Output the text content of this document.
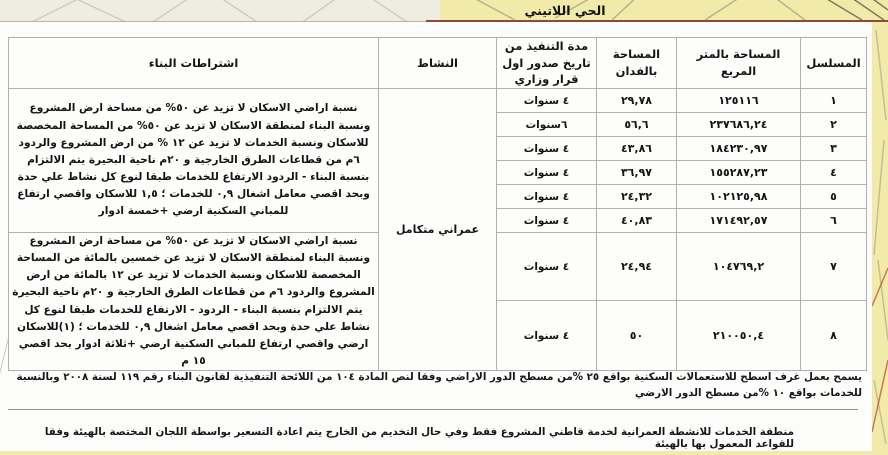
الحي اللاتيني
المسلسل	المساحة بالمتر المربع	المساحة بالفدان	مدة التنفيذ من تاريخ صدور اول قرار وزاري	النشاط	اشتراطات البناء
١	١٢٥١١٦	٢٩,٧٨	٤ سنوات	عمراني متكامل	نسبة اراضي الاسكان لا تزيد عن ٥٠% من مساحة ارض المشروع ونسبة البناء لمنطقة الاسكان لا تزيد عن ٥٠% من المساحة المخصصة للاسكان ونسبة الخدمات لا تزيد عن ١٢ % من ارض المشروع والردود ٦م من قطاعات الطرق الخارجية و ٢٠م ناحية البحيرة يتم الالتزام بنسبة البناء - الردود الارتفاع للخدمات طبقا لنوع كل نشاط علي حدة وبحد اقصي معامل اشغال ٠,٩ للخدمات ؛ ١,٥ للاسكان واقصي ارتفاع للمباني السكنية ارضي +خمسة ادوار
٢	٢٣٧٦٨٦,٢٤	٥٦,٦	٦سنوات		
٣	١٨٤٢٣٠,٩٧	٤٣,٨٦	٤ سنوات		
٤	١٥٥٢٨٧,٢٣	٣٦,٩٧	٤ سنوات		
٥	١٠٢١٢٥,٩٨	٢٤,٣٢	٤ سنوات		
٦	١٧١٤٩٢,٥٧	٤٠,٨٣	٤ سنوات		
٧	١٠٤٧٦٩,٢	٢٤,٩٤	٤ سنوات		نسبة اراضي الاسكان لا تزيد عن ٥٠% من مساحة ارض المشروع ونسبة البناء لمنطقة الاسكان لا تزيد عن خمسين بالمائة من المساحة المخصصة للاسكان ونسبة الخدمات لا تزيد عن ١٢ بالمائة من ارض المشروع والردود ٦م من قطاعات الطرق الخارجية و ٢٠م ناحية البحيرة يتم الالتزام بنسبة البناء - الردود - الارتفاع للخدمات طبقا لنوع كل نشاط علي حدة وبحد اقصي معامل اشغال ٠,٩ للخدمات ؛ (١)للاسكان ارضي واقصي ارتفاع للمباني السكنية ارضي +ثلاثة ادوار بحد اقصي ١٥ م
٨	٢١٠٠٥٠,٤	٥٠	٤ سنوات		
يسمح بعمل غرف اسطح للاستعمالات السكنية بواقع ٢٥ %من مسطح الدور الاراضي وفقا لنص المادة ١٠٤ من اللائحة التنفيذية لقانون البناء رقم ١١٩ لسنة ٢٠٠٨ وبالنسبة للخدمات بواقع ١٠ %من مسطح الدور الارضي
منطقة الخدمات للانشطة العمرانية لخدمة قاطني المشروع فقط وفي حال التخديم من الخارج يتم اعادة التسعير بواسطة اللجان المختصة بالهيئة وفقا للقواعد المعمول بها بالهيئة
